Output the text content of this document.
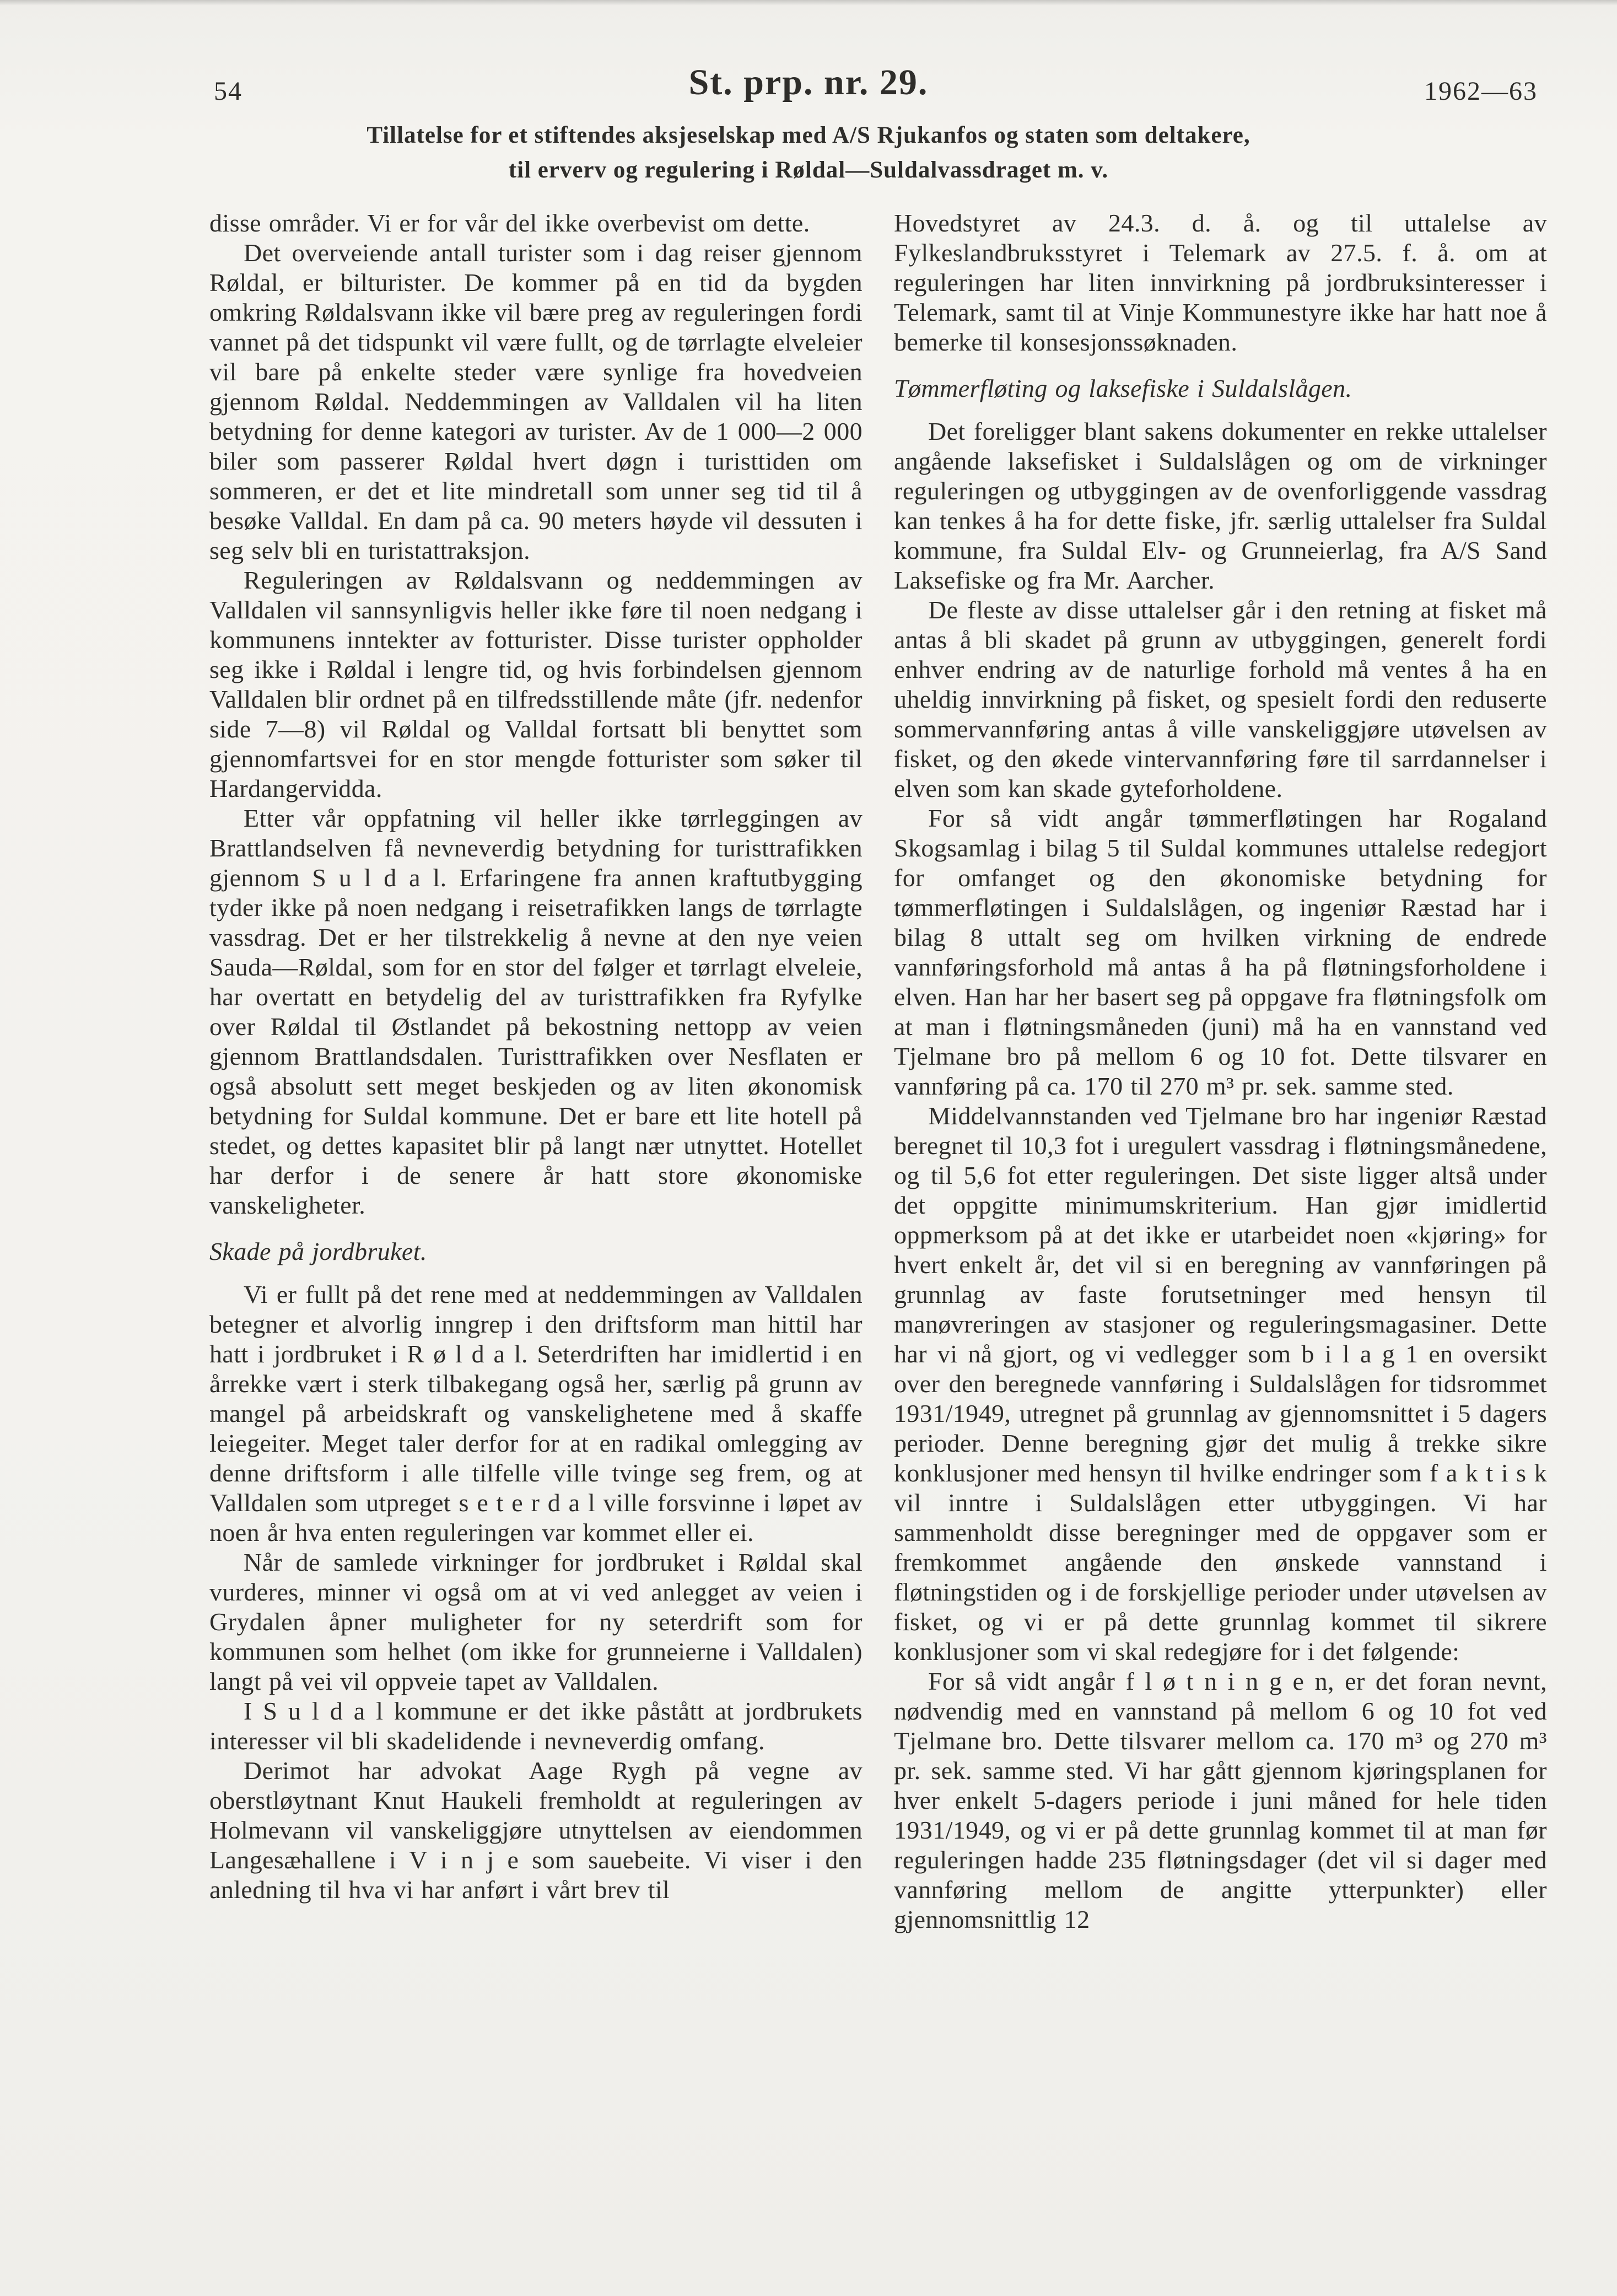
54	St. prp. nr. 29.	1962—63
Tillatelse for et stiftendes aksjeselskap med A/S Rjukanfos og staten som deltakere,
til erverv og regulering i Røldal—Suldalvassdraget m. v.

disse områder. Vi er for vår del ikke overbevist om dette.

Det overveiende antall turister som i dag reiser gjennom Røldal, er bilturister. De kommer på en tid da bygden omkring Røldalsvann ikke vil bære preg av reguleringen fordi vannet på det tidspunkt vil være fullt, og de tørrlagte elveleier vil bare på enkelte steder være synlige fra hovedveien gjennom Røldal. Neddemmingen av Valldalen vil ha liten betydning for denne kategori av turister. Av de 1 000—2 000 biler som passerer Røldal hvert døgn i turisttiden om sommeren, er det et lite mindretall som unner seg tid til å besøke Valldal. En dam på ca. 90 meters høyde vil dessuten i seg selv bli en turistattraksjon.

Reguleringen av Røldalsvann og neddemmingen av Valldalen vil sannsynligvis heller ikke føre til noen nedgang i kommunens inntekter av fotturister. Disse turister oppholder seg ikke i Røldal i lengre tid, og hvis forbindelsen gjennom Valldalen blir ordnet på en tilfredsstillende måte (jfr. nedenfor side 7—8) vil Røldal og Valldal fortsatt bli benyttet som gjennomfartsvei for en stor mengde fotturister som søker til Hardangervidda.

Etter vår oppfatning vil heller ikke tørrleggingen av Brattlandselven få nevneverdig betydning for turisttrafikken gjennom S u l d a l. Erfaringene fra annen kraftutbygging tyder ikke på noen nedgang i reisetrafikken langs de tørrlagte vassdrag. Det er her tilstrekkelig å nevne at den nye veien Sauda—Røldal, som for en stor del følger et tørrlagt elveleie, har overtatt en betydelig del av turisttrafikken fra Ryfylke over Røldal til Østlandet på bekostning nettopp av veien gjennom Brattlandsdalen. Turisttrafikken over Nesflaten er også absolutt sett meget beskjeden og av liten økonomisk betydning for Suldal kommune. Det er bare ett lite hotell på stedet, og dettes kapasitet blir på langt nær utnyttet. Hotellet har derfor i de senere år hatt store økonomiske vanskeligheter.

Skade på jordbruket.

Vi er fullt på det rene med at neddemmingen av Valldalen betegner et alvorlig inngrep i den driftsform man hittil har hatt i jordbruket i R ø l d a l. Seterdriften har imidlertid i en årrekke vært i sterk tilbakegang også her, særlig på grunn av mangel på arbeidskraft og vanskelighetene med å skaffe leiegeiter. Meget taler derfor for at en radikal omlegging av denne driftsform i alle tilfelle ville tvinge seg frem, og at Valldalen som utpreget s e t e r d a l ville forsvinne i løpet av noen år hva enten reguleringen var kommet eller ei.

Når de samlede virkninger for jordbruket i Røldal skal vurderes, minner vi også om at vi ved anlegget av veien i Grydalen åpner muligheter for ny seterdrift som for kommunen som helhet (om ikke for grunneierne i Valldalen) langt på vei vil oppveie tapet av Valldalen.

I S u l d a l kommune er det ikke påstått at jordbrukets interesser vil bli skadelidende i nevneverdig omfang.

Derimot har advokat Aage Rygh på vegne av oberstløytnant Knut Haukeli fremholdt at reguleringen av Holmevann vil vanskeliggjøre utnyttelsen av eiendommen Langesæhallene i V i n j e som sauebeite. Vi viser i den anledning til hva vi har anført i vårt brev til

Hovedstyret av 24.3. d. å. og til uttalelse av Fylkeslandbruksstyret i Telemark av 27.5. f. å. om at reguleringen har liten innvirkning på jordbruksinteresser i Telemark, samt til at Vinje Kommunestyre ikke har hatt noe å bemerke til konsesjonssøknaden.

Tømmerfløting og laksefiske i Suldalslågen.

Det foreligger blant sakens dokumenter en rekke uttalelser angående laksefisket i Suldalslågen og om de virkninger reguleringen og utbyggingen av de ovenforliggende vassdrag kan tenkes å ha for dette fiske, jfr. særlig uttalelser fra Suldal kommune, fra Suldal Elv- og Grunneierlag, fra A/S Sand Laksefiske og fra Mr. Aarcher.

De fleste av disse uttalelser går i den retning at fisket må antas å bli skadet på grunn av utbyggingen, generelt fordi enhver endring av de naturlige forhold må ventes å ha en uheldig innvirkning på fisket, og spesielt fordi den reduserte sommervannføring antas å ville vanskeliggjøre utøvelsen av fisket, og den økede vintervannføring føre til sarrdannelser i elven som kan skade gyteforholdene.

For så vidt angår tømmerfløtingen har Rogaland Skogsamlag i bilag 5 til Suldal kommunes uttalelse redegjort for omfanget og den økonomiske betydning for tømmerfløtingen i Suldalslågen, og ingeniør Ræstad har i bilag 8 uttalt seg om hvilken virkning de endrede vannføringsforhold må antas å ha på fløtningsforholdene i elven. Han har her basert seg på oppgave fra fløtningsfolk om at man i fløtningsmåneden (juni) må ha en vannstand ved Tjelmane bro på mellom 6 og 10 fot. Dette tilsvarer en vannføring på ca. 170 til 270 m³ pr. sek. samme sted.

Middelvannstanden ved Tjelmane bro har ingeniør Ræstad beregnet til 10,3 fot i uregulert vassdrag i fløtningsmånedene, og til 5,6 fot etter reguleringen. Det siste ligger altså under det oppgitte minimumskriterium. Han gjør imidlertid oppmerksom på at det ikke er utarbeidet noen «kjøring» for hvert enkelt år, det vil si en beregning av vannføringen på grunnlag av faste forutsetninger med hensyn til manøvreringen av stasjoner og reguleringsmagasiner. Dette har vi nå gjort, og vi vedlegger som b i l a g 1 en oversikt over den beregnede vannføring i Suldalslågen for tidsrommet 1931/1949, utregnet på grunnlag av gjennomsnittet i 5 dagers perioder. Denne beregning gjør det mulig å trekke sikre konklusjoner med hensyn til hvilke endringer som f a k t i s k vil inntre i Suldalslågen etter utbyggingen. Vi har sammenholdt disse beregninger med de oppgaver som er fremkommet angående den ønskede vannstand i fløtningstiden og i de forskjellige perioder under utøvelsen av fisket, og vi er på dette grunnlag kommet til sikrere konklusjoner som vi skal redegjøre for i det følgende:

For så vidt angår f l ø t n i n g e n, er det foran nevnt, nødvendig med en vannstand på mellom 6 og 10 fot ved Tjelmane bro. Dette tilsvarer mellom ca. 170 m³ og 270 m³ pr. sek. samme sted. Vi har gått gjennom kjøringsplanen for hver enkelt 5-dagers periode i juni måned for hele tiden 1931/1949, og vi er på dette grunnlag kommet til at man før reguleringen hadde 235 fløtningsdager (det vil si dager med vannføring mellom de angitte ytterpunkter) eller gjennomsnittlig 12
